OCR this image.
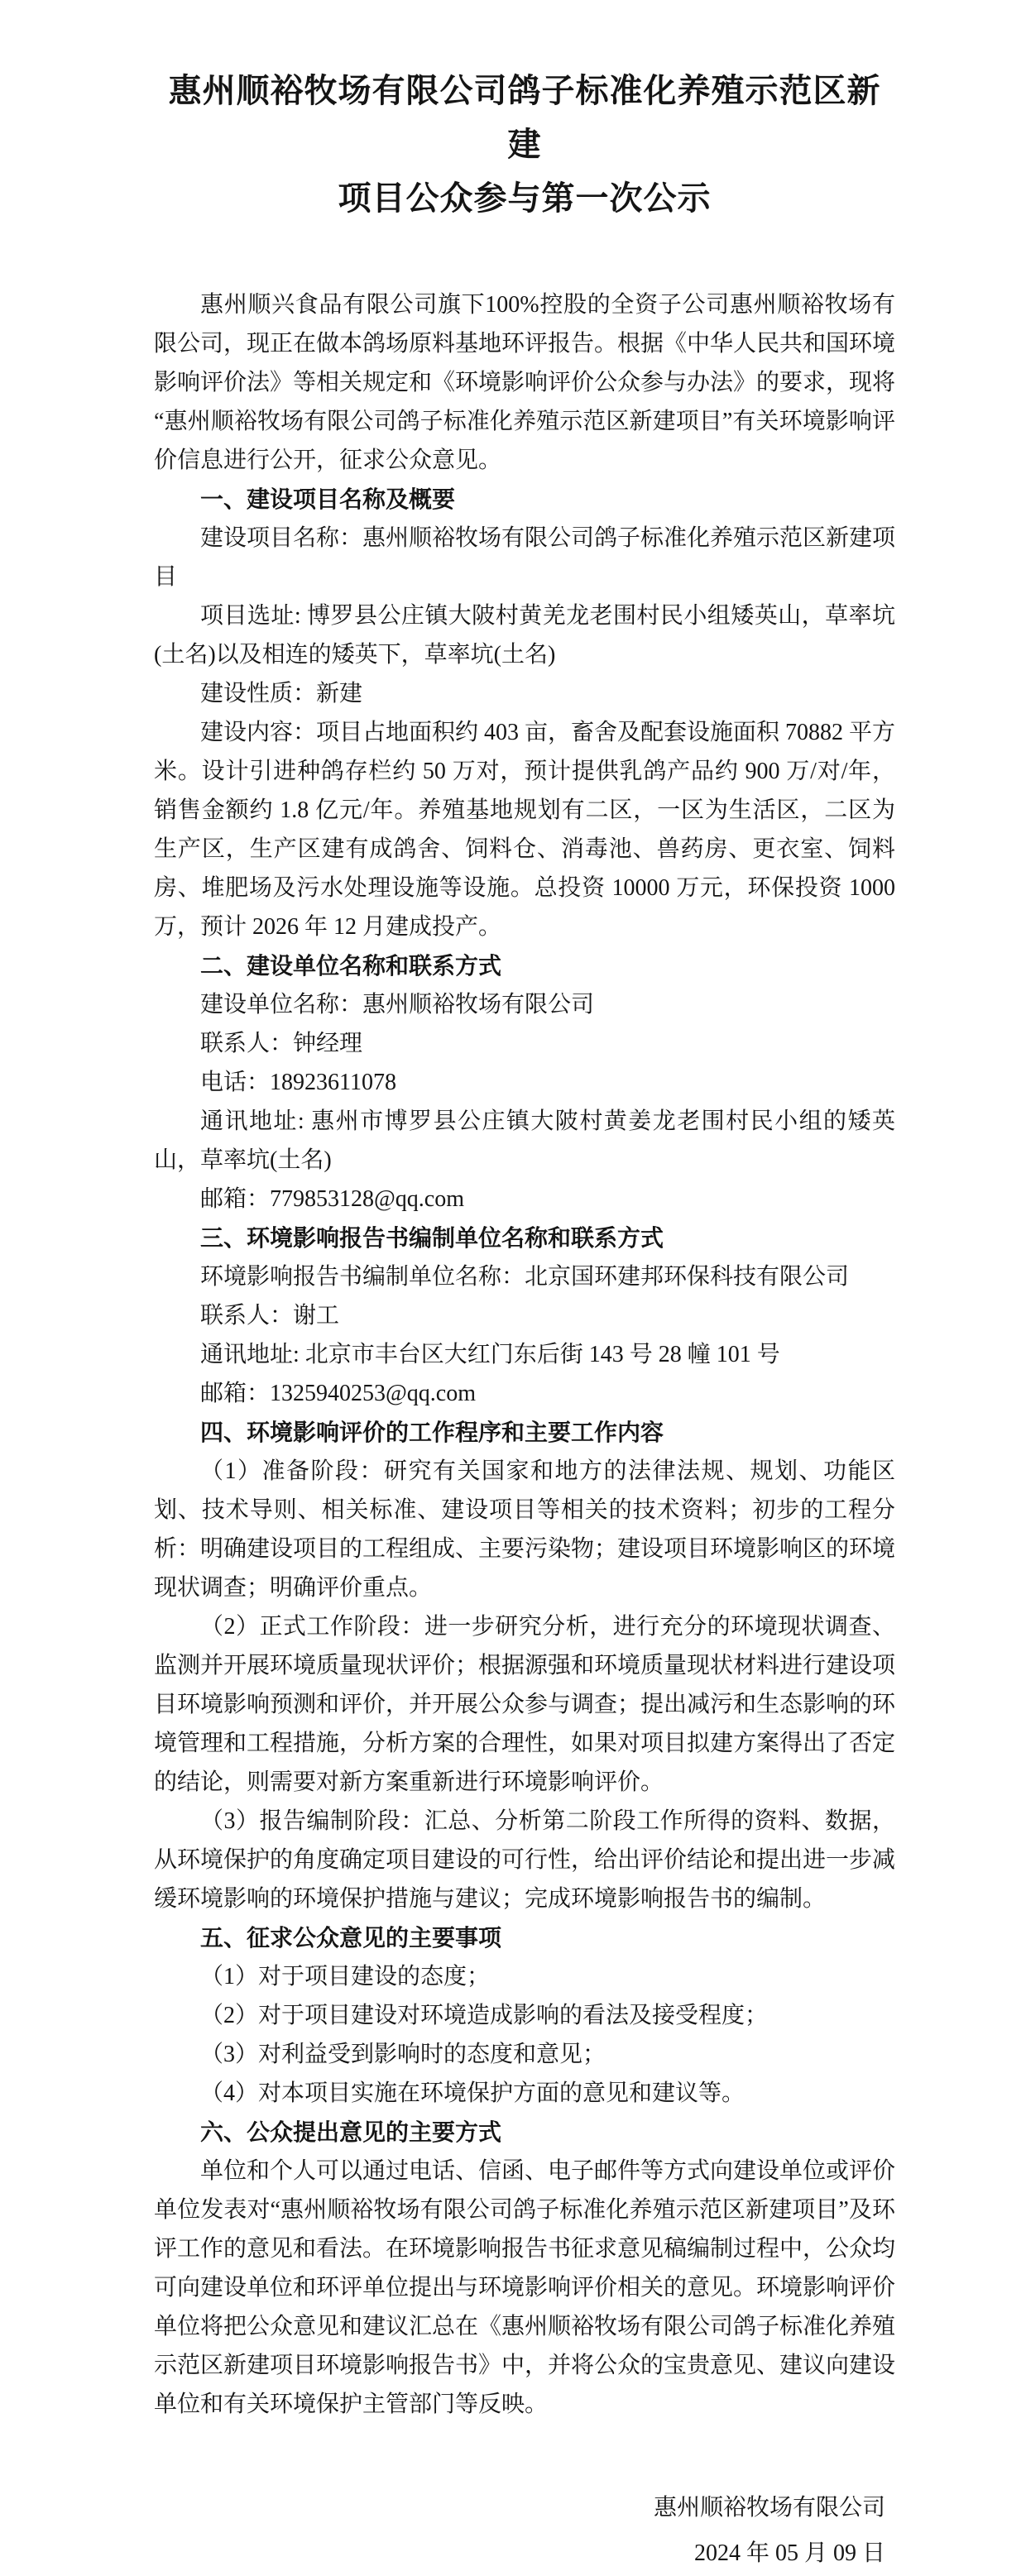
惠州顺裕牧场有限公司鸽子标准化养殖示范区新建
项目公众参与第一次公示

惠州顺兴食品有限公司旗下100%控股的全资子公司惠州顺裕牧场有限公司，现正在做本鸽场原料基地环评报告。根据《中华人民共和国环境影响评价法》等相关规定和《环境影响评价公众参与办法》的要求，现将“惠州顺裕牧场有限公司鸽子标准化养殖示范区新建项目”有关环境影响评价信息进行公开，征求公众意见。

一、建设项目名称及概要

建设项目名称：惠州顺裕牧场有限公司鸽子标准化养殖示范区新建项目

项目选址: 博罗县公庄镇大陂村黄羌龙老围村民小组矮英山，草率坑(土名)以及相连的矮英下，草率坑(土名)

建设性质：新建

建设内容：项目占地面积约 403 亩，畜舍及配套设施面积 70882 平方米。设计引进种鸽存栏约 50 万对，预计提供乳鸽产品约 900 万/对/年，销售金额约 1.8 亿元/年。养殖基地规划有二区，一区为生活区，二区为生产区，生产区建有成鸽舍、饲料仓、消毒池、兽药房、更衣室、饲料房、堆肥场及污水处理设施等设施。总投资 10000 万元，环保投资 1000 万，预计 2026 年 12 月建成投产。

二、建设单位名称和联系方式

建设单位名称：惠州顺裕牧场有限公司

联系人：钟经理

电话：18923611078

通讯地址: 惠州市博罗县公庄镇大陂村黄姜龙老围村民小组的矮英山，草率坑(土名)

邮箱：779853128@qq.com

三、环境影响报告书编制单位名称和联系方式

环境影响报告书编制单位名称：北京国环建邦环保科技有限公司

联系人：谢工

通讯地址: 北京市丰台区大红门东后街 143 号 28 幢 101 号

邮箱：1325940253@qq.com

四、环境影响评价的工作程序和主要工作内容

（1）准备阶段：研究有关国家和地方的法律法规、规划、功能区划、技术导则、相关标准、建设项目等相关的技术资料；初步的工程分析：明确建设项目的工程组成、主要污染物；建设项目环境影响区的环境现状调查；明确评价重点。

（2）正式工作阶段：进一步研究分析，进行充分的环境现状调查、监测并开展环境质量现状评价；根据源强和环境质量现状材料进行建设项目环境影响预测和评价，并开展公众参与调查；提出减污和生态影响的环境管理和工程措施，分析方案的合理性，如果对项目拟建方案得出了否定的结论，则需要对新方案重新进行环境影响评价。

（3）报告编制阶段：汇总、分析第二阶段工作所得的资料、数据，从环境保护的角度确定项目建设的可行性，给出评价结论和提出进一步减缓环境影响的环境保护措施与建议；完成环境影响报告书的编制。

五、征求公众意见的主要事项

（1）对于项目建设的态度；

（2）对于项目建设对环境造成影响的看法及接受程度；

（3）对利益受到影响时的态度和意见；

（4）对本项目实施在环境保护方面的意见和建议等。

六、公众提出意见的主要方式

单位和个人可以通过电话、信函、电子邮件等方式向建设单位或评价单位发表对“惠州顺裕牧场有限公司鸽子标准化养殖示范区新建项目”及环评工作的意见和看法。在环境影响报告书征求意见稿编制过程中，公众均可向建设单位和环评单位提出与环境影响评价相关的意见。环境影响评价单位将把公众意见和建议汇总在《惠州顺裕牧场有限公司鸽子标准化养殖示范区新建项目环境影响报告书》中，并将公众的宝贵意见、建议向建设单位和有关环境保护主管部门等反映。

惠州顺裕牧场有限公司

2024 年 05 月 09 日
